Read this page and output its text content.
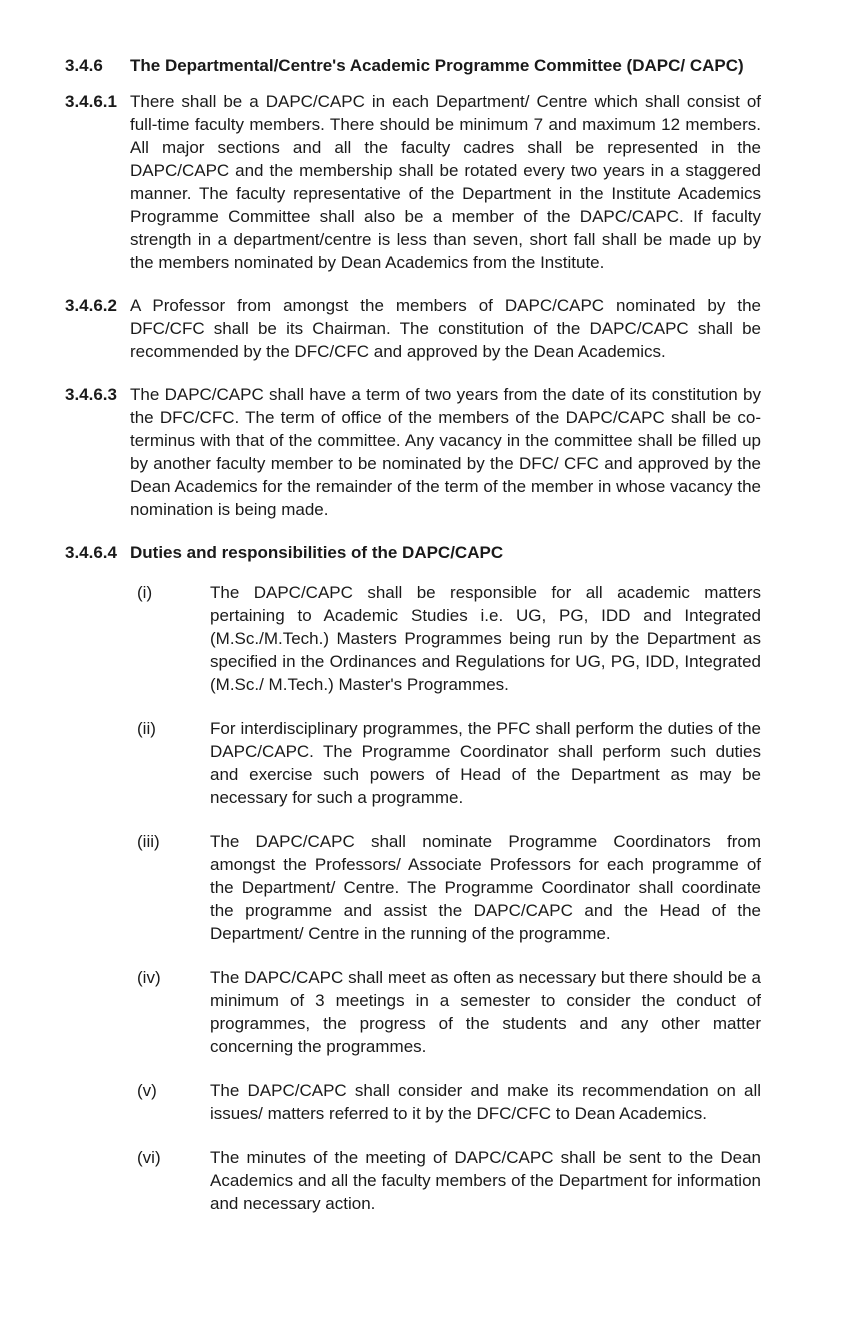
3.4.6	The Departmental/Centre's Academic Programme Committee (DAPC/ CAPC)
3.4.6.1 There shall be a DAPC/CAPC in each Department/ Centre which shall consist of full-time faculty members. There should be minimum 7 and maximum 12 members. All major sections and all the faculty cadres shall be represented in the DAPC/CAPC and the membership shall be rotated every two years in a staggered manner. The faculty representative of the Department in the Institute Academics Programme Committee shall also be a member of the DAPC/CAPC. If faculty strength in a department/centre is less than seven, short fall shall be made up by the members nominated by Dean Academics from the Institute.
3.4.6.2 A Professor from amongst the members of DAPC/CAPC nominated by the DFC/CFC shall be its Chairman. The constitution of the DAPC/CAPC shall be recommended by the DFC/CFC and approved by the Dean Academics.
3.4.6.3 The DAPC/CAPC shall have a term of two years from the date of its constitution by the DFC/CFC. The term of office of the members of the DAPC/CAPC shall be co-terminus with that of the committee. Any vacancy in the committee shall be filled up by another faculty member to be nominated by the DFC/ CFC and approved by the Dean Academics for the remainder of the term of the member in whose vacancy the nomination is being made.
3.4.6.4 Duties and responsibilities of the DAPC/CAPC
(i)	The DAPC/CAPC shall be responsible for all academic matters pertaining to Academic Studies i.e. UG, PG, IDD and Integrated (M.Sc./M.Tech.) Masters Programmes being run by the Department as specified in the Ordinances and Regulations for UG, PG, IDD, Integrated (M.Sc./ M.Tech.) Master's Programmes.
(ii)	For interdisciplinary programmes, the PFC shall perform the duties of the DAPC/CAPC. The Programme Coordinator shall perform such duties and exercise such powers of Head of the Department as may be necessary for such a programme.
(iii)	The DAPC/CAPC shall nominate Programme Coordinators from amongst the Professors/ Associate Professors for each programme of the Department/ Centre. The Programme Coordinator shall coordinate the programme and assist the DAPC/CAPC and the Head of the Department/ Centre in the running of the programme.
(iv)	The DAPC/CAPC shall meet as often as necessary but there should be a minimum of 3 meetings in a semester to consider the conduct of programmes, the progress of the students and any other matter concerning the programmes.
(v)	The DAPC/CAPC shall consider and make its recommendation on all issues/ matters referred to it by the DFC/CFC to Dean Academics.
(vi)	The minutes of the meeting of DAPC/CAPC shall be sent to the Dean Academics and all the faculty members of the Department for information and necessary action.
